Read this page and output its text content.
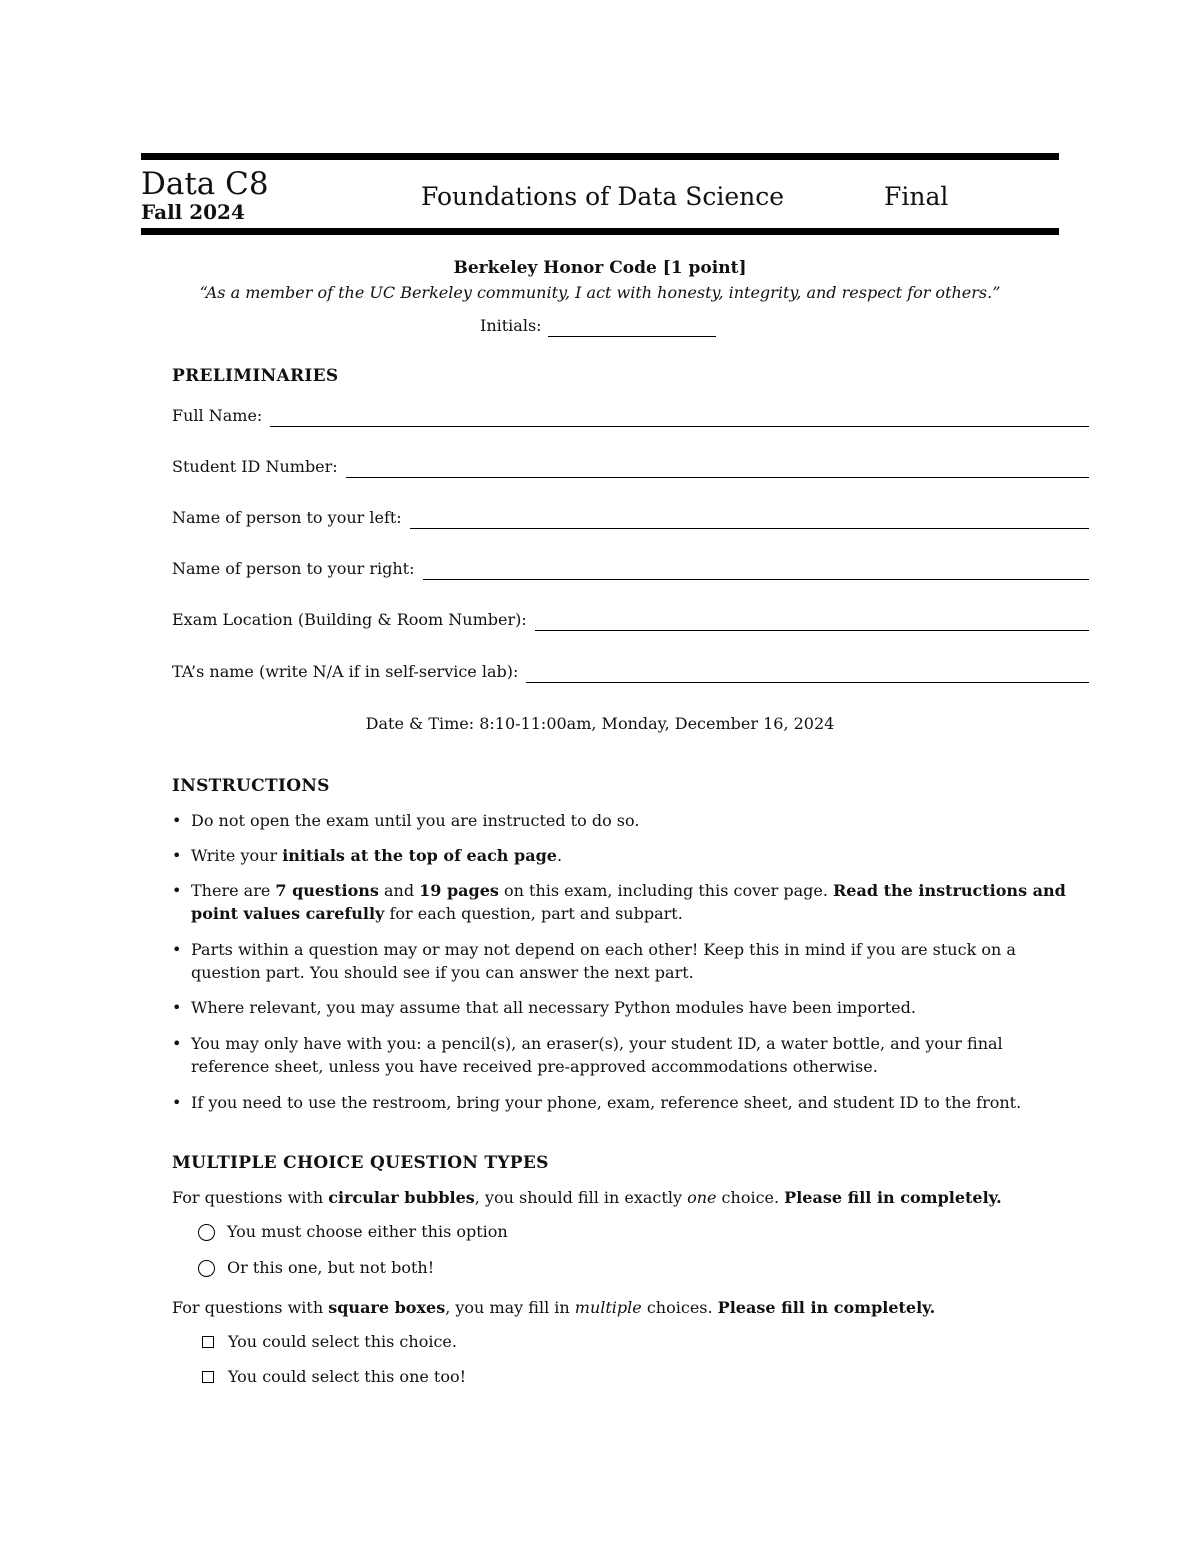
Data C8
Fall 2024
Foundations of Data Science	Final
Berkeley Honor Code [1 point]
“As a member of the UC Berkeley community, I act with honesty, integrity, and respect for others.”
Initials:
PRELIMINARIES
Full Name:
Student ID Number:
Name of person to your left:
Name of person to your right:
Exam Location (Building & Room Number):
TA’s name (write N/A if in self-service lab):
Date & Time: 8:10-11:00am, Monday, December 16, 2024
INSTRUCTIONS
• Do not open the exam until you are instructed to do so.
• Write your initials at the top of each page.
• There are 7 questions and 19 pages on this exam, including this cover page. Read the instructions and point values carefully for each question, part and subpart.
• Parts within a question may or may not depend on each other! Keep this in mind if you are stuck on a question part. You should see if you can answer the next part.
• Where relevant, you may assume that all necessary Python modules have been imported.
• You may only have with you: a pencil(s), an eraser(s), your student ID, a water bottle, and your final reference sheet, unless you have received pre-approved accommodations otherwise.
• If you need to use the restroom, bring your phone, exam, reference sheet, and student ID to the front.
MULTIPLE CHOICE QUESTION TYPES
For questions with circular bubbles, you should fill in exactly one choice. Please fill in completely.
You must choose either this option
Or this one, but not both!
For questions with square boxes, you may fill in multiple choices. Please fill in completely.
You could select this choice.
You could select this one too!
